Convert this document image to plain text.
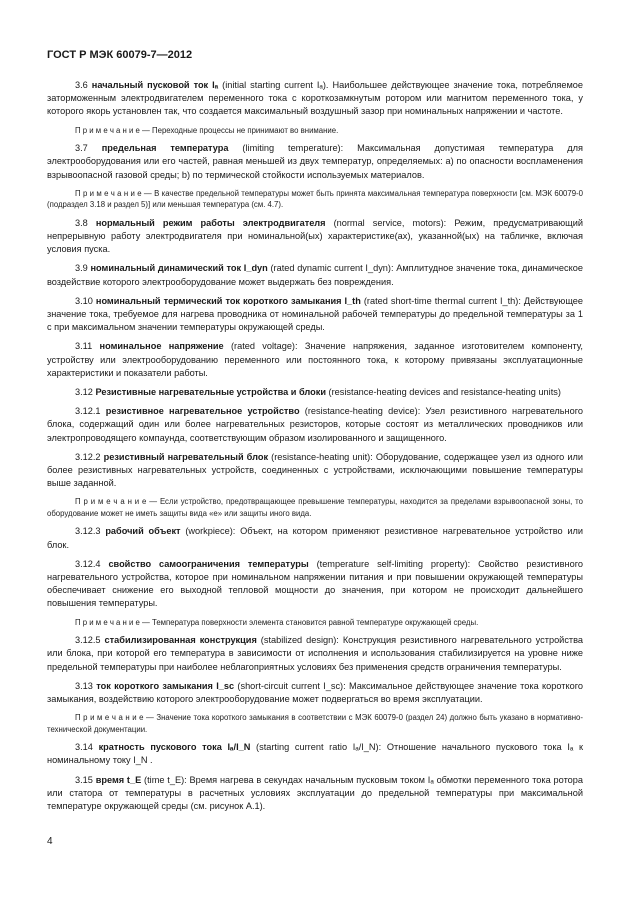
ГОСТ Р МЭК 60079-7—2012

3.6 начальный пусковой ток Iₐ (initial starting current Iₐ). Наибольшее действующее значение тока, потребляемое заторможенным электродвигателем переменного тока с короткозамкнутым ротором или магнитом переменного тока, у которого якорь установлен так, что создается максимальный воздушный зазор при номинальных напряжении и частоте.

П р и м е ч а н и е — Переходные процессы не принимают во внимание.

3.7 предельная температура (limiting temperature): Максимальная допустимая температура для электрооборудования или его частей, равная меньшей из двух температур, определяемых: а) по опасности воспламенения взрывоопасной газовой среды; b) по термической стойкости используемых материалов.

П р и м е ч а н и е — В качестве предельной температуры может быть принята максимальная температура поверхности [см. МЭК 60079-0 (подраздел 3.18 и раздел 5)] или меньшая температура (см. 4.7).

3.8 нормальный режим работы электродвигателя (normal service, motors): Режим, предусматривающий непрерывную работу электродвигателя при номинальной(ых) характеристике(ах), указанной(ых) на табличке, включая условия пуска.

3.9 номинальный динамический ток I_dyn (rated dynamic current I_dyn): Амплитудное значение тока, динамическое воздействие которого электрооборудование может выдержать без повреждения.

3.10 номинальный термический ток короткого замыкания I_th (rated short-time thermal current I_th): Действующее значение тока, требуемое для нагрева проводника от номинальной рабочей температуры до предельной температуры за 1 с при максимальном значении температуры окружающей среды.

3.11 номинальное напряжение (rated voltage): Значение напряжения, заданное изготовителем компоненту, устройству или электрооборудованию переменного или постоянного тока, к которому привязаны эксплуатационные характеристики и показатели работы.

3.12 Резистивные нагревательные устройства и блоки (resistance-heating devices and resistance-heating units)

3.12.1 резистивное нагревательное устройство (resistance-heating device): Узел резистивного нагревательного блока, содержащий один или более нагревательных резисторов, которые состоят из металлических проводников или электропроводящего компаунда, соответствующим образом изолированного и защищенного.

3.12.2 резистивный нагревательный блок (resistance-heating unit): Оборудование, содержащее узел из одного или более резистивных нагревательных устройств, соединенных с устройствами, исключающими повышение температуры выше заданной.

П р и м е ч а н и е — Если устройство, предотвращающее превышение температуры, находится за пределами взрывоопасной зоны, то оборудование может не иметь защиты вида «е» или защиты иного вида.

3.12.3 рабочий объект (workpiece): Объект, на котором применяют резистивное нагревательное устройство или блок.

3.12.4 свойство самоограничения температуры (temperature self-limiting property): Свойство резистивного нагревательного устройства, которое при номинальном напряжении питания и при повышении окружающей температуры обеспечивает снижение его выходной тепловой мощности до значения, при котором не происходит дальнейшего повышения температуры.

П р и м е ч а н и е — Температура поверхности элемента становится равной температуре окружающей среды.

3.12.5 стабилизированная конструкция (stabilized design): Конструкция резистивного нагревательного устройства или блока, при которой его температура в зависимости от исполнения и использования стабилизируется на уровне ниже предельной температуры при наиболее неблагоприятных условиях без применения средств ограничения температуры.

3.13 ток короткого замыкания I_sc (short-circuit current I_sc): Максимальное действующее значение тока короткого замыкания, воздействию которого электрооборудование может подвергаться во время эксплуатации.

П р и м е ч а н и е — Значение тока короткого замыкания в соответствии с МЭК 60079-0 (раздел 24) должно быть указано в нормативно-технической документации.

3.14 кратность пускового тока Iₐ/I_N (starting current ratio Iₐ/I_N): Отношение начального пускового тока Iₐ к номинальному току I_N .

3.15 время t_E (time t_E): Время нагрева в секундах начальным пусковым током Iₐ обмотки переменного тока ротора или статора от температуры в расчетных условиях эксплуатации до предельной температуры при максимальной температуре окружающей среды (см. рисунок А.1).

4
